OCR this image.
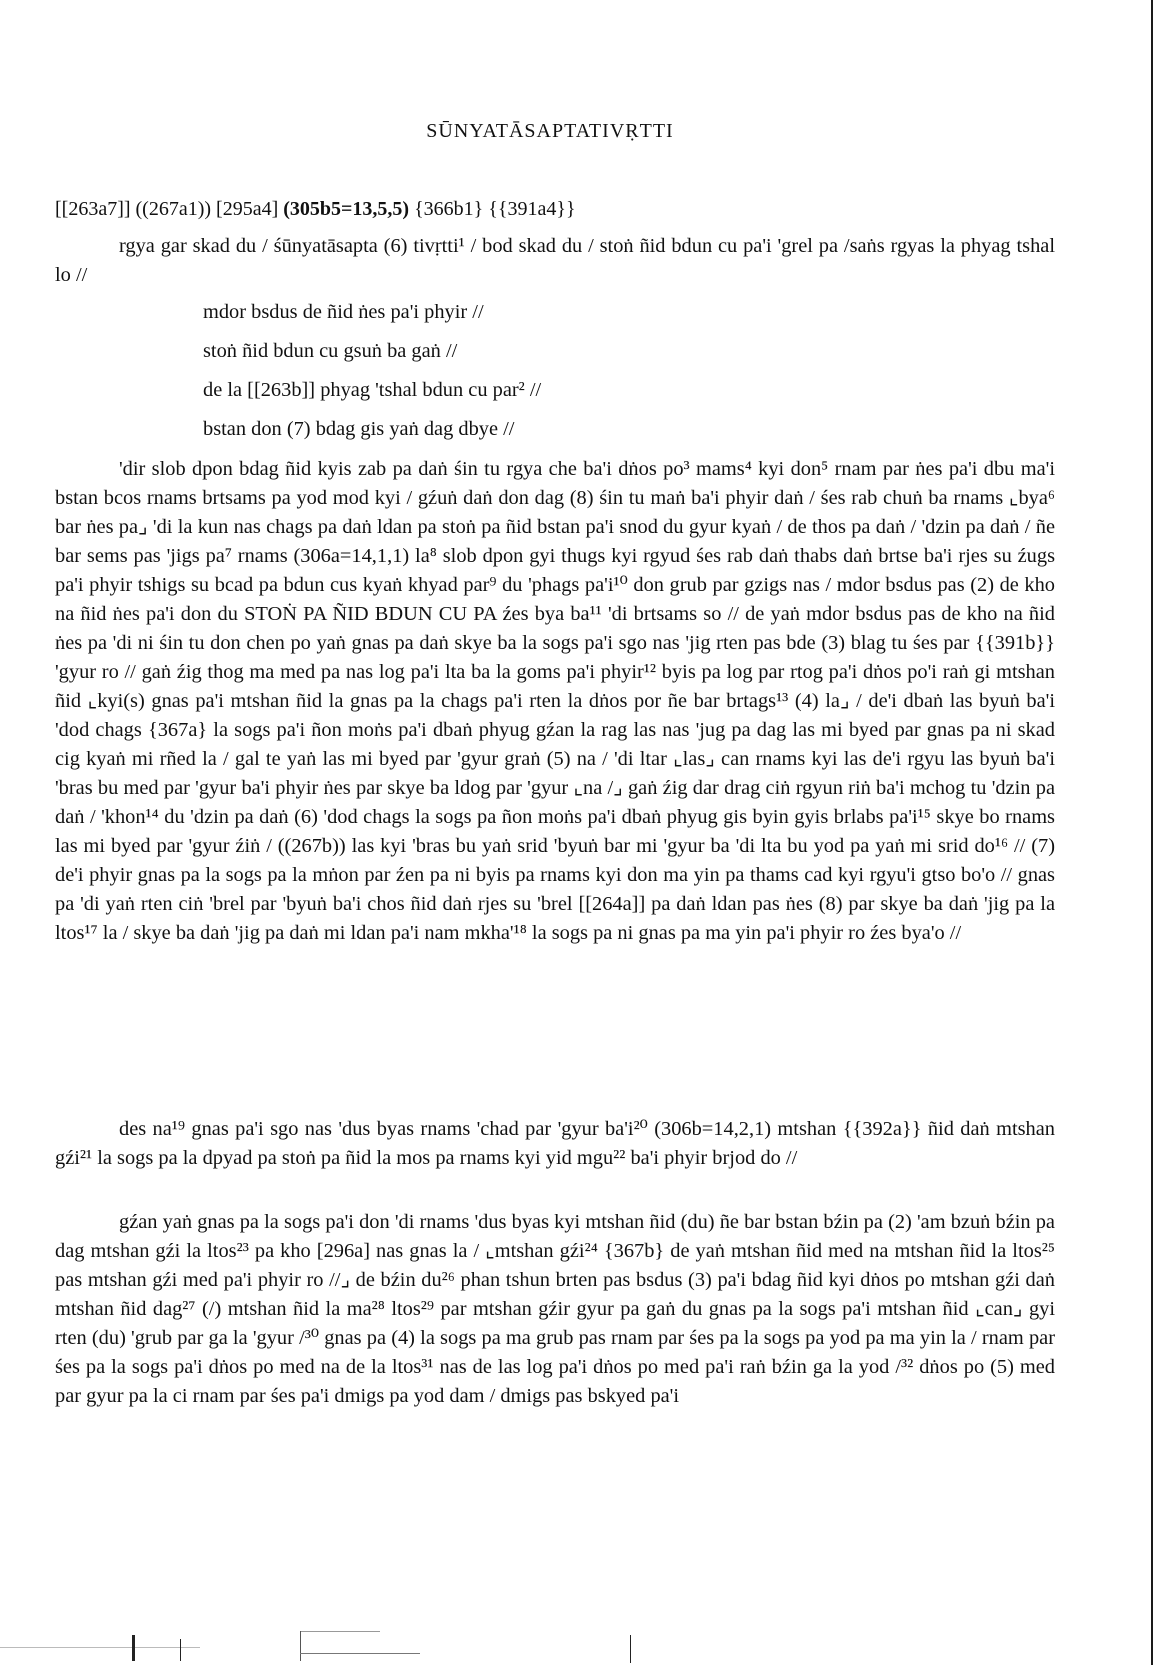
SŪNYATĀSAPTATIVṚTTI
[[263a7]] ((267a1)) [295a4] (305b5=13,5,5) {366b1} {{391a4}}
rgya gar skad du / śūnyatāsapta (6) tivṛtti¹ / bod skad du / stoṅ ñid bdun cu pa'i 'grel pa /saṅs rgyas la phyag tshal lo //
mdor bsdus de ñid ṅes pa'i phyir //
stoṅ ñid bdun cu gsuṅ ba gaṅ //
de la [[263b]] phyag 'tshal bdun cu par² //
bstan don (7) bdag gis yaṅ dag dbye //
'dir slob dpon bdag ñid kyis zab pa daṅ śin tu rgya che ba'i dṅos po³ mams⁴ kyi don⁵ rnam par ṅes pa'i dbu ma'i bstan bcos rnams brtsams pa yod mod kyi / gźuṅ daṅ don dag (8) śin tu maṅ ba'i phyir daṅ / śes rab chuṅ ba rnams ⌞bya⁶ bar ṅes pa⌟ 'di la kun nas chags pa daṅ ldan pa stoṅ pa ñid bstan pa'i snod du gyur kyaṅ / de thos pa daṅ / 'dzin pa daṅ / ñe bar sems pas 'jigs pa⁷ rnams (306a=14,1,1) la⁸ slob dpon gyi thugs kyi rgyud śes rab daṅ thabs daṅ brtse ba'i rjes su źugs pa'i phyir tshigs su bcad pa bdun cus kyaṅ khyad par⁹ du 'phags pa'i¹⁰ don grub par gzigs nas / mdor bsdus pas (2) de kho na ñid ṅes pa'i don du STOṄ PA ÑID BDUN CU PA źes bya ba¹¹ 'di brtsams so // de yaṅ mdor bsdus pas de kho na ñid ṅes pa 'di ni śin tu don chen po yaṅ gnas pa daṅ skye ba la sogs pa'i sgo nas 'jig rten pas bde (3) blag tu śes par {{391b}} 'gyur ro // gaṅ źig thog ma med pa nas log pa'i lta ba la goms pa'i phyir¹² byis pa log par rtog pa'i dṅos po'i raṅ gi mtshan ñid ⌞kyi(s) gnas pa'i mtshan ñid la gnas pa la chags pa'i rten la dṅos por ñe bar brtags¹³ (4) la⌟ / de'i dbaṅ las byuṅ ba'i 'dod chags {367a} la sogs pa'i ñon moṅs pa'i dbaṅ phyug gźan la rag las nas 'jug pa dag las mi byed par gnas pa ni skad cig kyaṅ mi rñed la / gal te yaṅ las mi byed par 'gyur graṅ (5) na / 'di ltar ⌞las⌟ can rnams kyi las de'i rgyu las byuṅ ba'i 'bras bu med par 'gyur ba'i phyir ṅes par skye ba ldog par 'gyur ⌞na /⌟ gaṅ źig dar drag ciṅ rgyun riṅ ba'i mchog tu 'dzin pa daṅ / 'khon¹⁴ du 'dzin pa daṅ (6) 'dod chags la sogs pa ñon moṅs pa'i dbaṅ phyug gis byin gyis brlabs pa'i¹⁵ skye bo rnams las mi byed par 'gyur źiṅ / ((267b)) las kyi 'bras bu yaṅ srid 'byuṅ bar mi 'gyur ba 'di lta bu yod pa yaṅ mi srid do¹⁶ // (7) de'i phyir gnas pa la sogs pa la mṅon par źen pa ni byis pa rnams kyi don ma yin pa thams cad kyi rgyu'i gtso bo'o // gnas pa 'di yaṅ rten ciṅ 'brel par 'byuṅ ba'i chos ñid daṅ rjes su 'brel [[264a]] pa daṅ ldan pas ṅes (8) par skye ba daṅ 'jig pa la ltos¹⁷ la / skye ba daṅ 'jig pa daṅ mi ldan pa'i nam mkha'¹⁸ la sogs pa ni gnas pa ma yin pa'i phyir ro źes bya'o //
des na¹⁹ gnas pa'i sgo nas 'dus byas rnams 'chad par 'gyur ba'i²⁰ (306b=14,2,1) mtshan {{392a}} ñid daṅ mtshan gźi²¹ la sogs pa la dpyad pa stoṅ pa ñid la mos pa rnams kyi yid mgu²² ba'i phyir brjod do //
gźan yaṅ gnas pa la sogs pa'i don 'di rnams 'dus byas kyi mtshan ñid (du) ñe bar bstan bźin pa (2) 'am bzuṅ bźin pa dag mtshan gźi la ltos²³ pa kho [296a] nas gnas la / ⌞mtshan gźi²⁴ {367b} de yaṅ mtshan ñid med na mtshan ñid la ltos²⁵ pas mtshan gźi med pa'i phyir ro //⌟ de bźin du²⁶ phan tshun brten pas bsdus (3) pa'i bdag ñid kyi dṅos po mtshan gźi daṅ mtshan ñid dag²⁷ (/) mtshan ñid la ma²⁸ ltos²⁹ par mtshan gźir gyur pa gaṅ du gnas pa la sogs pa'i mtshan ñid ⌞can⌟ gyi rten (du) 'grub par ga la 'gyur /³⁰ gnas pa (4) la sogs pa ma grub pas rnam par śes pa la sogs pa yod pa ma yin la / rnam par śes pa la sogs pa'i dṅos po med na de la ltos³¹ nas de las log pa'i dṅos po med pa'i raṅ bźin ga la yod /³² dṅos po (5) med par gyur pa la ci rnam par śes pa'i dmigs pa yod dam / dmigs pas bskyed pa'i
